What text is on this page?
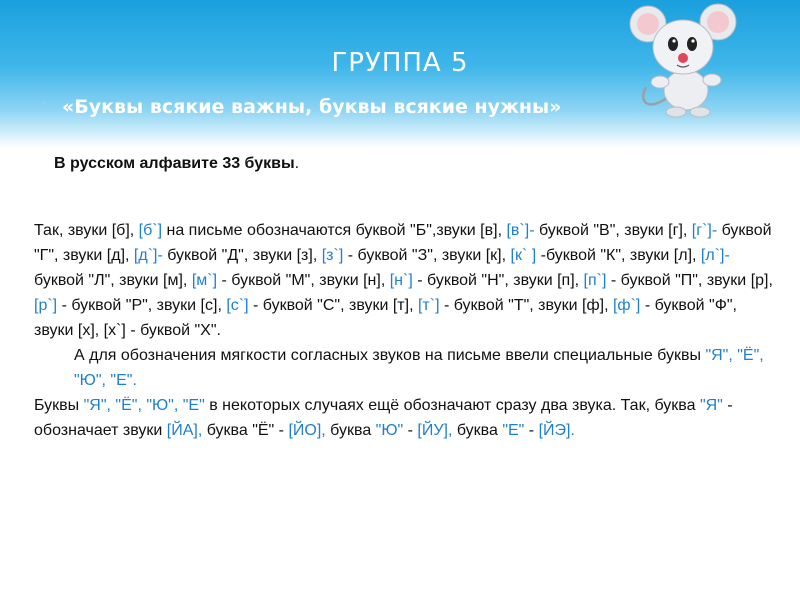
ГРУППА 5
✦ «Буквы всякие важны, буквы всякие нужны»
В русском алфавите 33 буквы.

Так, звуки [б], [б`] на письме обозначаются буквой "Б",звуки [в], [в`]- буквой "В", звуки [г], [г`]- буквой "Г", звуки [д], [д`]- буквой "Д", звуки [з], [з`] - буквой "З", звуки [к], [к` ] -буквой "К", звуки [л], [л`]- буквой "Л", звуки [м], [м`] - буквой "М", звуки [н], [н`] - буквой "Н", звуки [п], [п`] - буквой "П", звуки [р], [р`] - буквой "Р", звуки [с], [с`] - буквой "С", звуки [т], [т`] - буквой "Т", звуки [ф], [ф`] - буквой "Ф", звуки [х], [х`] - буквой "Х".

А для обозначения мягкости согласных звуков на письме ввели специальные буквы "Я", "Ё", "Ю", "Е".

Буквы "Я", "Ё", "Ю", "Е" в некоторых случаях ещё обозначают сразу два звука. Так, буква "Я" - обозначает звуки [ЙА], буква "Ё" - [ЙО], буква "Ю" - [ЙУ], буква "Е" - [ЙЭ].
